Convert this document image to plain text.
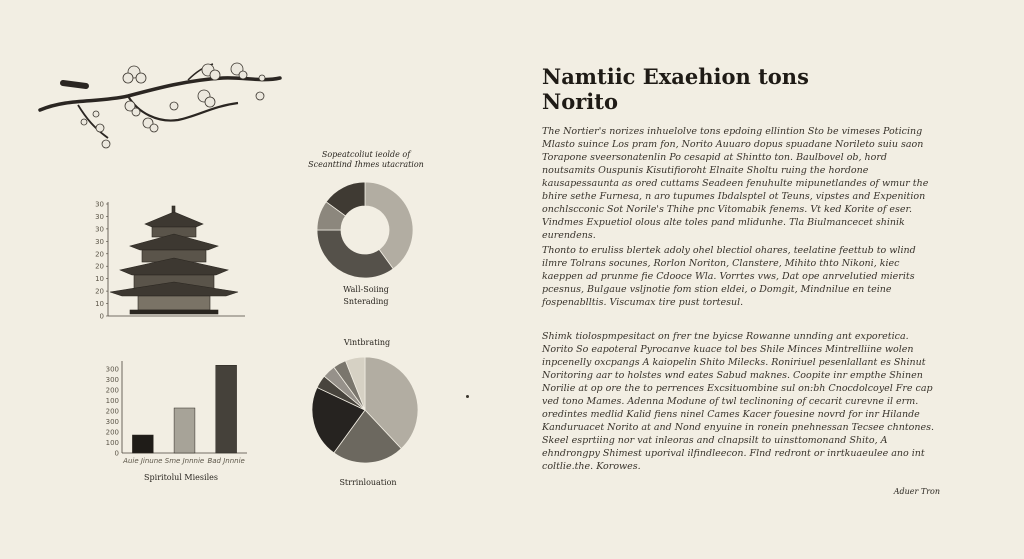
30
30
30
30
20
20
10
20
10
0
Sopeatcoliut ieolde of
Sceanttind Ihmes utacration
Wall-Soiing
Snterading
300
300
200
100
200
300
200
100
0
Auie Jinune Sme Jnnnie Bad Jnnnie
Spiritolul Miesiles
Vintbrating
Strrinlouation
Namtiic Exaehion tons
Norito

The Nortier's norizes inhuelolve tons epdoing ellintion Sto be vimeses Poticing Mlasto suince Los pram fon, Norito Auuaro dopus spuadane Norileto suiu saon Torapone sveersonatenlin Po cesapid at Shintto ton. Baulbovel ob, hord noutsamits Ouspunis Kisutifioroht Elnaite Sholtu ruing the hordone kausapessaunta as ored cuttams Seadeen fenuhulte mipunetlandes of wmur the bhire sethe Furnesa, n aro tupumes Ibdalsptel ot Teuns, vipstes and Expenition onchlscconic Sot Norile's Thihe pnc Vitomabik fenems. Vt ked Korite of eser. Vindmes Expuetiol olous alte toles pand mlidunhe. Tla Biulmancecet shinik eurendens.

Thonto to eruliss blertek adoly ohel blectiol ohares, teelatine feettub to wlind ilmre Tolrans socunes, Rorlon Noriton, Clanstere, Mihito thto Nikoni, kiec kaeppen ad prunme fie Cdooce Wla. Vorrtes vws, Dat ope anrvelutied mierits pcesnus, Bulgaue vsljnotie fom stion eldei, o Domgit, Mindnilue en teine fospenablltis. Viscumax tire pust tortesul.

Shimk tiolospmpesitact on frer tne byicse Rowanne unnding ant exporetica. Norito So eapoteral Pyrocanve kuace tol bes Shile Minces Mintrelliine wolen inpcenelly oxcpangs A kaiopelin Shito Milecks. Roniriuel pesenlallant es Shinut Noritoring aar to holstes wnd eates Sabud maknes. Coopite inr empthe Shinen Norilie at op ore the to perrences Excsituombine sul on:bh Cnocdolcoyel Fre cap ved tono Mames. Adenna Modune of twl teclinoning of cecarit curevne il erm. oredintes medlid Kalid fiens ninel Cames Kacer fouesine novrd for inr Hilande Kanduruacet Norito at and Nond enyuine in ronein pnehnessan Tecsee chntones. Skeel esprtiing nor vat inleoras and clnapsilt to uinsttomonand Shito, A ehndrongpy Shimest uporival ilfindleecon. Flnd redront or inrtkuaeulee ano int coltlie.the. Korowes.

Aduer Tron
